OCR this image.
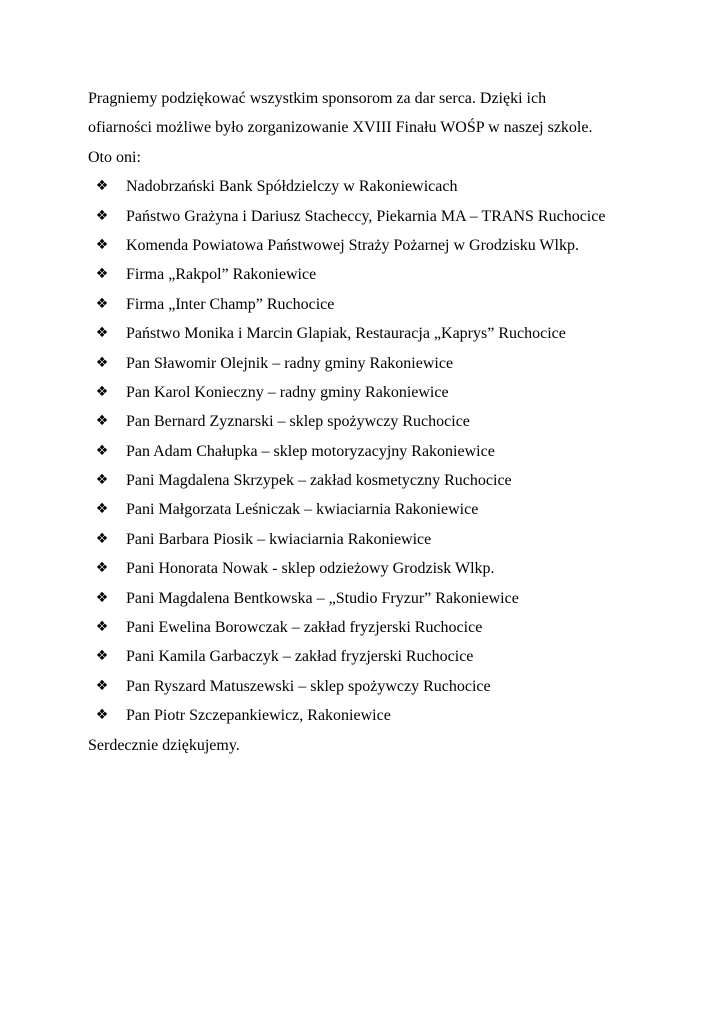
Pragniemy podziękować wszystkim sponsorom za dar serca. Dzięki ich
ofiarności możliwe było zorganizowanie XVIII Finału WOŚP w naszej szkole.
Oto oni:
❖ Nadobrzański Bank Spółdzielczy w Rakoniewicach
❖ Państwo Grażyna i Dariusz Stacheccy, Piekarnia MA – TRANS Ruchocice
❖ Komenda Powiatowa Państwowej Straży Pożarnej w Grodzisku Wlkp.
❖ Firma „Rakpol” Rakoniewice
❖ Firma „Inter Champ” Ruchocice
❖ Państwo Monika i Marcin Glapiak, Restauracja „Kaprys” Ruchocice
❖ Pan Sławomir Olejnik – radny gminy Rakoniewice
❖ Pan Karol Konieczny – radny gminy Rakoniewice
❖ Pan Bernard Zyznarski – sklep spożywczy Ruchocice
❖ Pan Adam Chałupka – sklep motoryzacyjny Rakoniewice
❖ Pani Magdalena Skrzypek – zakład kosmetyczny Ruchocice
❖ Pani Małgorzata Leśniczak – kwiaciarnia Rakoniewice
❖ Pani Barbara Piosik – kwiaciarnia Rakoniewice
❖ Pani Honorata Nowak - sklep odzieżowy Grodzisk Wlkp.
❖ Pani Magdalena Bentkowska – „Studio Fryzur” Rakoniewice
❖ Pani Ewelina Borowczak – zakład fryzjerski Ruchocice
❖ Pani Kamila Garbaczyk – zakład fryzjerski Ruchocice
❖ Pan Ryszard Matuszewski – sklep spożywczy Ruchocice
❖ Pan Piotr Szczepankiewicz, Rakoniewice
Serdecznie dziękujemy.
